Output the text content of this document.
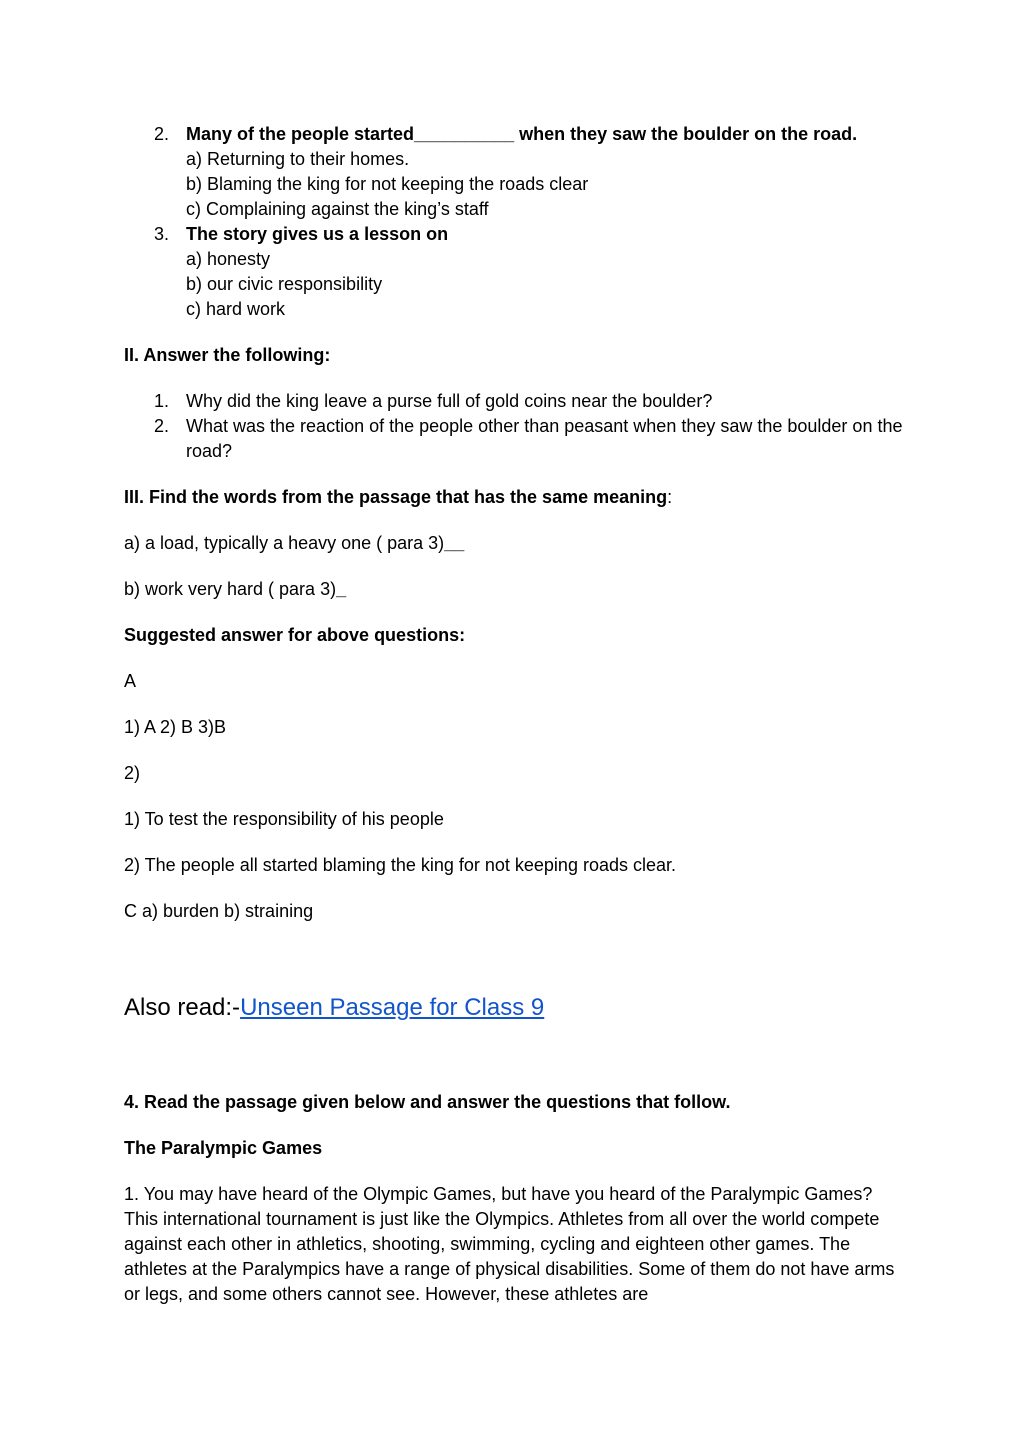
2. Many of the people started__________ when they saw the boulder on the road.
a) Returning to their homes.
b) Blaming the king for not keeping the roads clear
c) Complaining against the king’s staff
3. The story gives us a lesson on
a) honesty
b) our civic responsibility
c) hard work

II. Answer the following:

1. Why did the king leave a purse full of gold coins near the boulder?
2. What was the reaction of the people other than peasant when they saw the boulder on the road?

III. Find the words from the passage that has the same meaning:

a) a load, typically a heavy one ( para 3)__

b) work very hard ( para 3)_

Suggested answer for above questions:

A

1) A 2) B 3)B

2)

1) To test the responsibility of his people

2) The people all started blaming the king for not keeping roads clear.

C a) burden b) straining

Also read:-Unseen Passage for Class 9

4. Read the passage given below and answer the questions that follow.

The Paralympic Games

1. You may have heard of the Olympic Games, but have you heard of the Paralympic Games? This international tournament is just like the Olympics. Athletes from all over the world compete against each other in athletics, shooting, swimming, cycling and eighteen other games. The athletes at the Paralympics have a range of physical disabilities. Some of them do not have arms or legs, and some others cannot see. However, these athletes are
